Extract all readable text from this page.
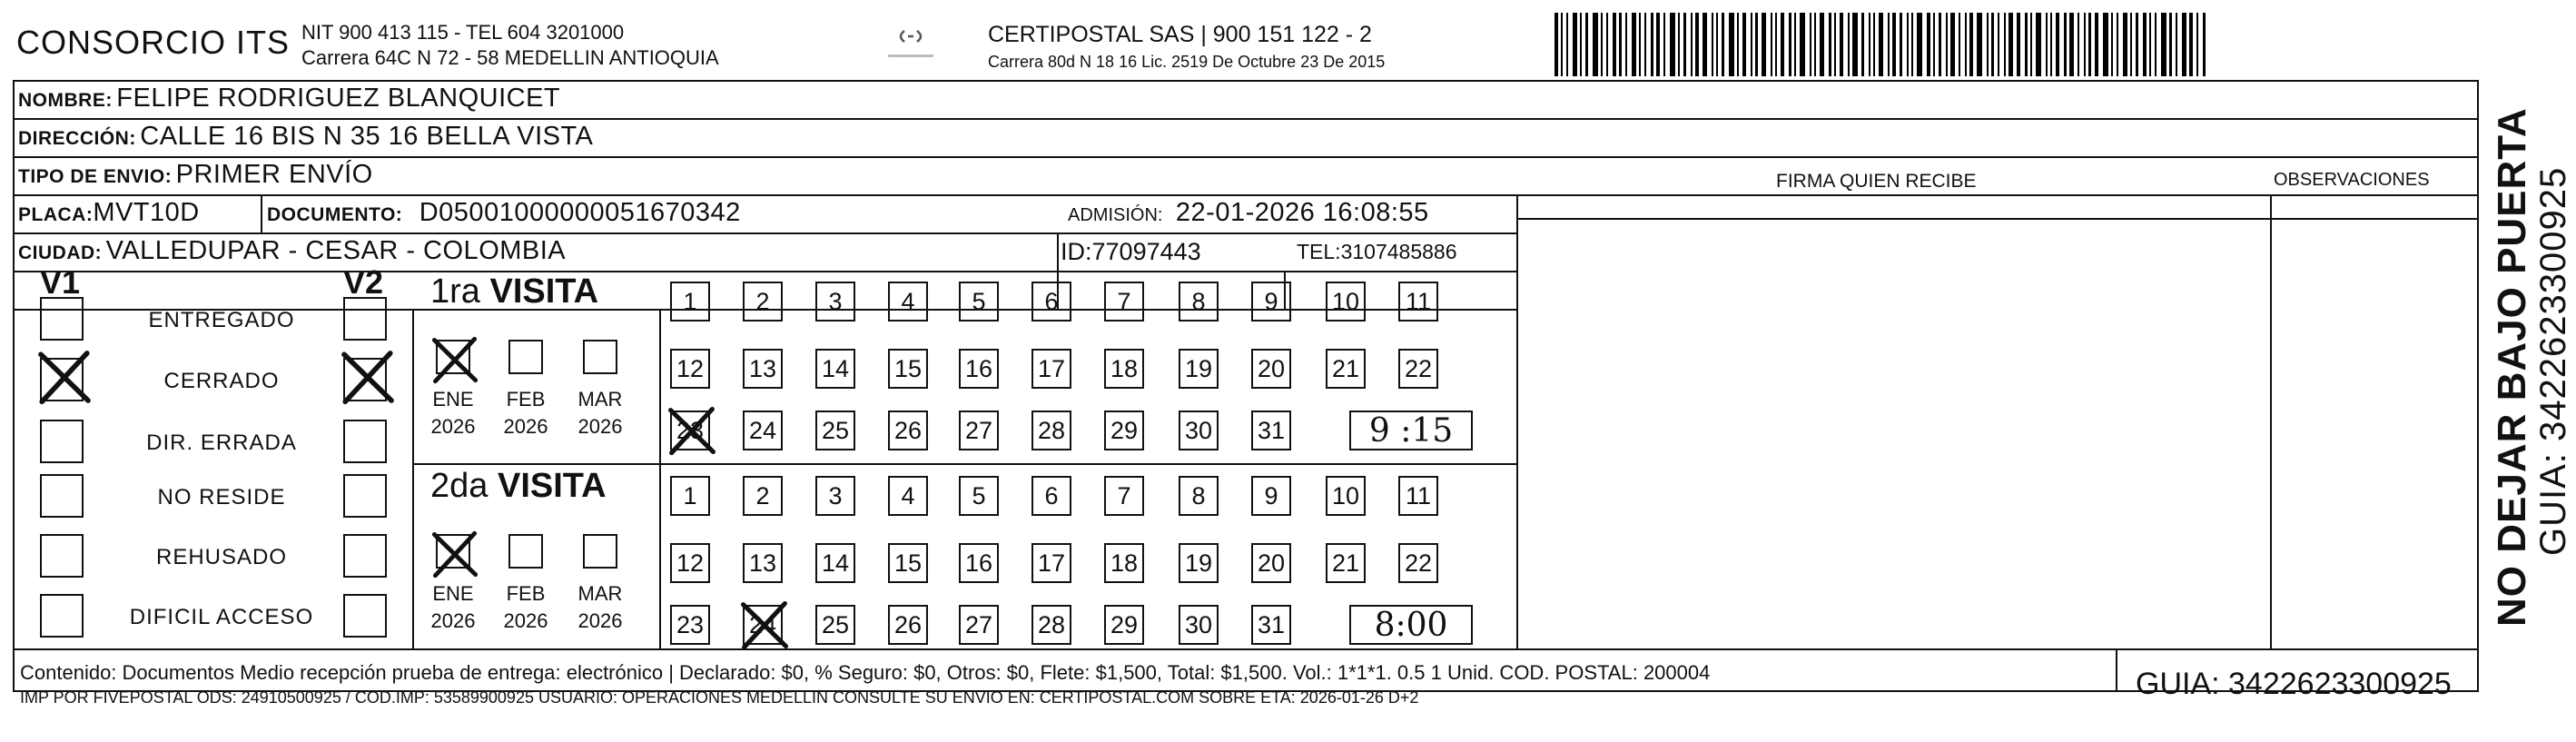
CONSORCIO ITS NIT 900 413 115 - TEL 604 3201000
Carrera 64C N 72 - 58 MEDELLIN ANTIOQUIA
CERTIPOSTAL SAS | 900 151 122 - 2
Carrera 80d N 18 16 Lic. 2519 De Octubre 23 De 2015
NOMBRE: FELIPE RODRIGUEZ BLANQUICET
DIRECCIÓN: CALLE 16 BIS N 35 16 BELLA VISTA
TIPO DE ENVIO: PRIMER ENVÍO
PLACA:MVT10D	DOCUMENTO: D05001000000051670342	ADMISIÓN: 22-01-2026 16:08:55
CIUDAD: VALLEDUPAR - CESAR - COLOMBIA	ID:77097443	TEL:3107485886
FIRMA QUIEN RECIBE	OBSERVACIONES
V1	V2
ENTREGADO
CERRADO
DIR. ERRADA
NO RESIDE
REHUSADO
DIFICIL ACCESO
1ra VISITA
ENE
2026
FEB
2026
MAR
2026
1	2	3	4	5	6	7	8	9	10 11
12 13 14 15 16 17 18 19 20 21 22
23 24 25 26 27 28 29 30 31	9 :15
2da VISITA
ENE
2026
FEB
2026
MAR
2026
1	2	3	4	5	6	7	8	9	10 11
12 13 14 15 16 17 18 19 20 21 22
23 24 25 26 27 28 29 30 31	8:00
Contenido: Documentos Medio recepción prueba de entrega: electrónico | Declarado: $0, % Seguro: $0, Otros: $0, Flete: $1,500, Total: $1,500. Vol.: 1*1*1. 0.5 1 Unid. COD. POSTAL: 200004
IMP POR FIVEPOSTAL ODS: 24910500925 / COD.IMP: 53589900925 USUARIO: OPERACIONES MEDELLIN CONSULTE SU ENVIO EN: CERTIPOSTAL.COM SOBRE ETA: 2026-01-26 D+2	GUIA: 3422623300925
NO DEJAR BAJO PUERTA GUIA: 3422623300925
